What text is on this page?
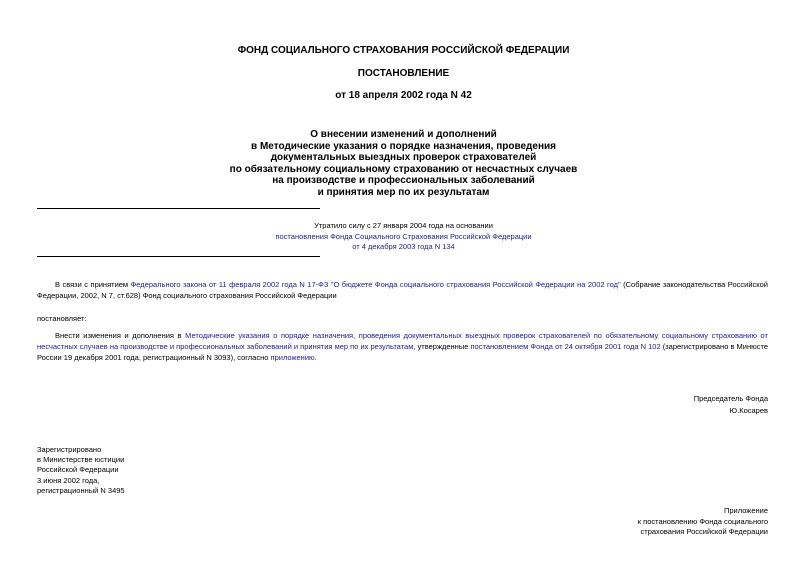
ФОНД СОЦИАЛЬНОГО СТРАХОВАНИЯ РОССИЙСКОЙ ФЕДЕРАЦИИ
ПОСТАНОВЛЕНИЕ
от 18 апреля 2002 года N 42
О внесении изменений и дополнений
в Методические указания о порядке назначения, проведения
документальных выездных проверок страхователей
по обязательному социальному страхованию от несчастных случаев
на производстве и профессиональных заболеваний
и принятия мер по их результатам
Утратило силу с 27 января 2004 года на основании
постановления Фонда Социального Страхования Российской Федерации
от 4 декабря 2003 года N 134
В связи с принятием Федерального закона от 11 февраля 2002 года N 17-ФЗ "О бюджете Фонда социального страхования Российской Федерации на 2002 год" (Собрание законодательства Российской Федерации, 2002, N 7, ст.628) Фонд социального страхования Российской Федерации
постановляет:
Внести изменения и дополнения в Методические указания о порядке назначения, проведения документальных выездных проверок страхователей по обязательному социальному страхованию от несчастных случаев на производстве и профессиональных заболеваний и принятия мер по их результатам, утвержденные постановлением Фонда от 24 октября 2001 года N 102 (зарегистрировано в Минюсте России 19 декабря 2001 года, регистрационный N 3093), согласно приложению.
Председатель Фонда
Ю.Косарев
Зарегистрировано
в Министерстве юстиции
Российской Федерации
3 июня 2002 года,
регистрационный N 3495
Приложение
к постановлению Фонда социального
страхования Российской Федерации
